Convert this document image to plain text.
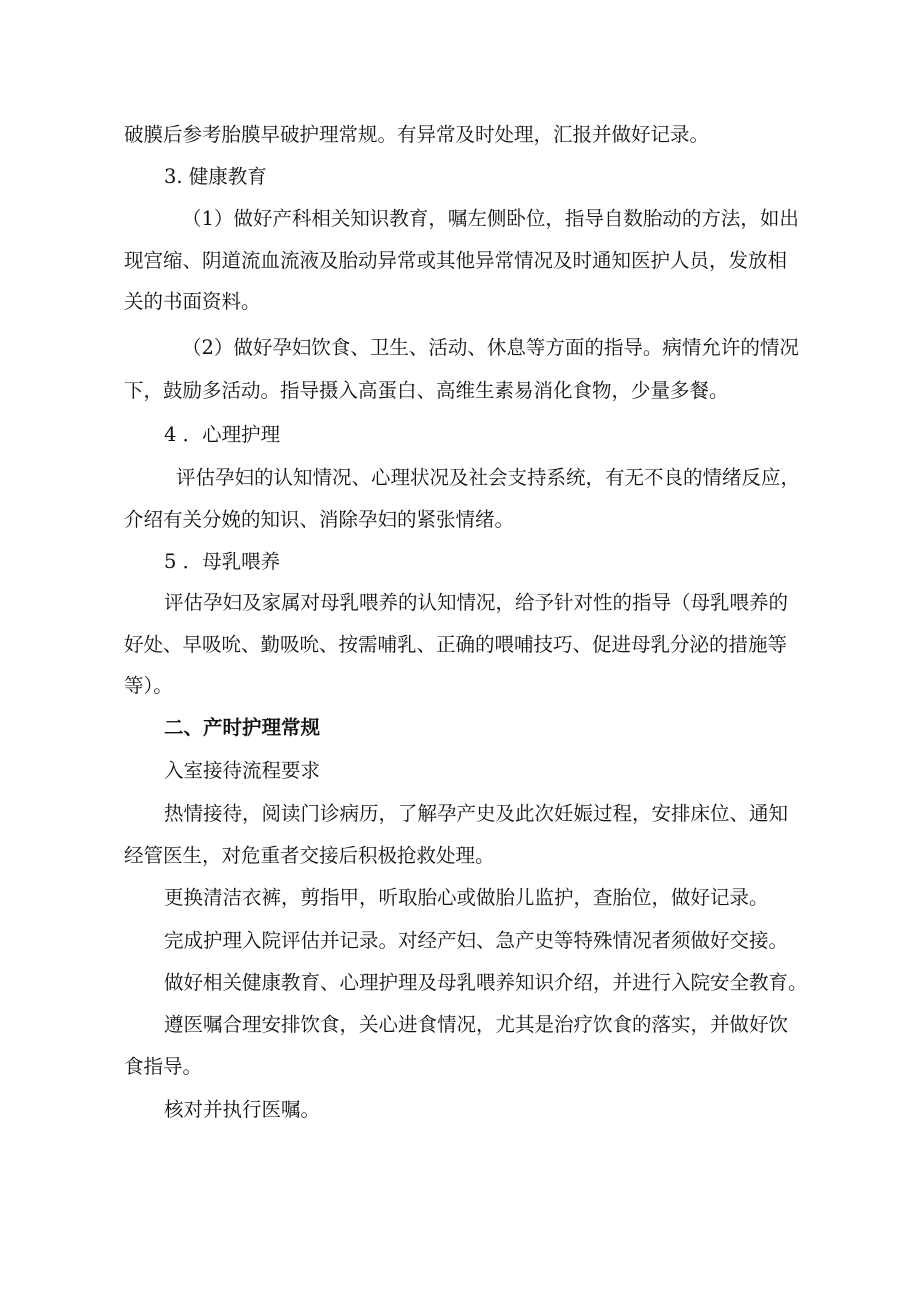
破膜后参考胎膜早破护理常规。有异常及时处理，汇报并做好记录。

3. 健康教育

（1）做好产科相关知识教育，嘱左侧卧位，指导自数胎动的方法，如出

现宫缩、阴道流血流液及胎动异常或其他异常情况及时通知医护人员，发放相

关的书面资料。

（2）做好孕妇饮食、卫生、活动、休息等方面的指导。病情允许的情况

下，鼓励多活动。指导摄入高蛋白、高维生素易消化食物，少量多餐。

4 ．心理护理

评估孕妇的认知情况、心理状况及社会支持系统，有无不良的情绪反应，

介绍有关分娩的知识、消除孕妇的紧张情绪。

5 ．母乳喂养

评估孕妇及家属对母乳喂养的认知情况，给予针对性的指导（母乳喂养的

好处、早吸吮、勤吸吮、按需哺乳、正确的喂哺技巧、促进母乳分泌的措施等

等）。

二、产时护理常规

入室接待流程要求

热情接待，阅读门诊病历，了解孕产史及此次妊娠过程，安排床位、通知

经管医生，对危重者交接后积极抢救处理。

更换清洁衣裤，剪指甲，听取胎心或做胎儿监护，查胎位，做好记录。

完成护理入院评估并记录。对经产妇、急产史等特殊情况者须做好交接。

做好相关健康教育、心理护理及母乳喂养知识介绍，并进行入院安全教育。

遵医嘱合理安排饮食，关心进食情况，尤其是治疗饮食的落实，并做好饮

食指导。

核对并执行医嘱。
